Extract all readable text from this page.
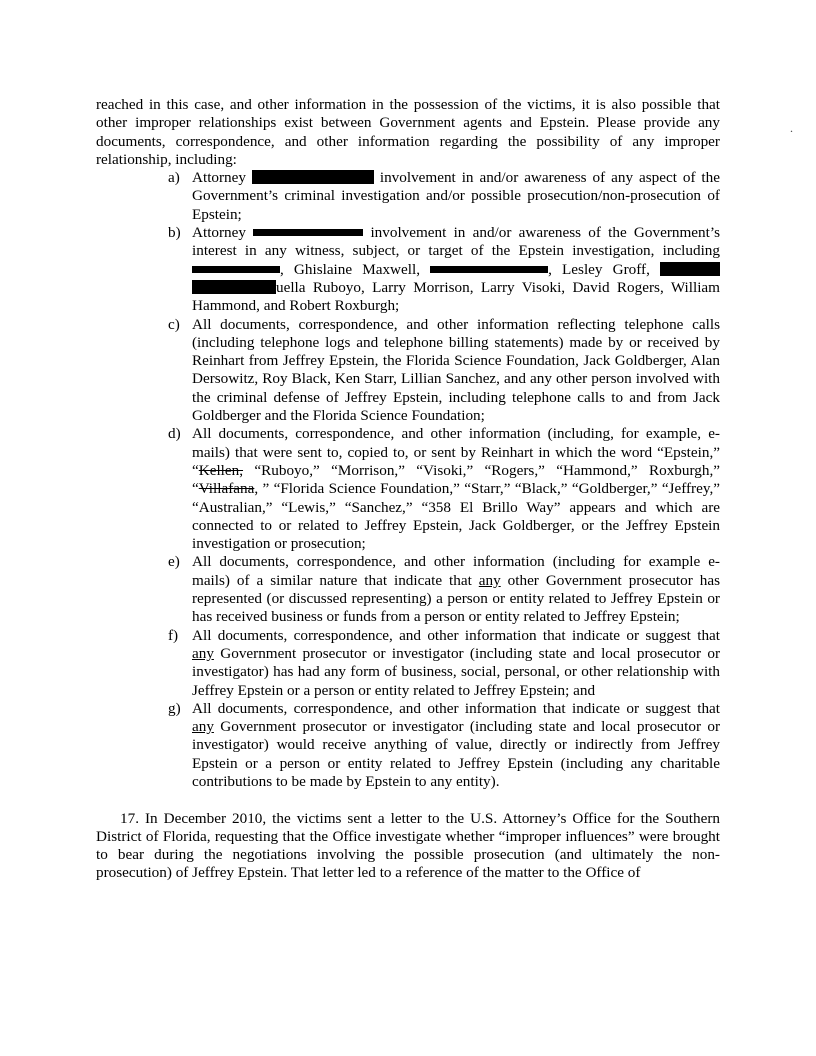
reached in this case, and other information in the possession of the victims, it is also possible that other improper relationships exist between Government agents and Epstein. Please provide any documents, correspondence, and other information regarding the possibility of any improper relationship, including:

a) Attorney	involvement in and/or awareness of any aspect of the Government’s criminal investigation and/or possible prosecution/non-prosecution of Epstein;
b) Attorney	involvement in and/or awareness of the Government’s interest in any witness, subject, or target of the Epstein investigation, including , Ghislaine Maxwell,	, Lesley Groff,  uella Ruboyo, Larry Morrison, Larry Visoki, David Rogers, William Hammond, and Robert Roxburgh;
c) All documents, correspondence, and other information reflecting telephone calls (including telephone logs and telephone billing statements) made by or received by Reinhart from Jeffrey Epstein, the Florida Science Foundation, Jack Goldberger, Alan Dersowitz, Roy Black, Ken Starr, Lillian Sanchez, and any other person involved with the criminal defense of Jeffrey Epstein, including telephone calls to and from Jack Goldberger and the Florida Science Foundation;
d) All documents, correspondence, and other information (including, for example, e-mails) that were sent to, copied to, or sent by Reinhart in which the word “Epstein,” “Kellen, “Ruboyo,” “Morrison,” “Visoki,” “Rogers,” “Hammond,” Roxburgh,” “Villafana, ” “Florida Science Foundation,” “Starr,” “Black,” “Goldberger,” “Jeffrey,” “Australian,” “Lewis,” “Sanchez,” “358 El Brillo Way” appears and which are connected to or related to Jeffrey Epstein, Jack Goldberger, or the Jeffrey Epstein investigation or prosecution;
e) All documents, correspondence, and other information (including for example e-mails) of a similar nature that indicate that any other Government prosecutor has represented (or discussed representing) a person or entity related to Jeffrey Epstein or has received business or funds from a person or entity related to Jeffrey Epstein;
f) All documents, correspondence, and other information that indicate or suggest that any Government prosecutor or investigator (including state and local prosecutor or investigator) has had any form of business, social, personal, or other relationship with Jeffrey Epstein or a person or entity related to Jeffrey Epstein; and
g) All documents, correspondence, and other information that indicate or suggest that any Government prosecutor or investigator (including state and local prosecutor or investigator) would receive anything of value, directly or indirectly from Jeffrey Epstein or a person or entity related to Jeffrey Epstein (including any charitable contributions to be made by Epstein to any entity).

17. In December 2010, the victims sent a letter to the U.S. Attorney’s Office for the Southern District of Florida, requesting that the Office investigate whether “improper influences” were brought to bear during the negotiations involving the possible prosecution (and ultimately the non-prosecution) of Jeffrey Epstein. That letter led to a reference of the matter to the Office of

.
